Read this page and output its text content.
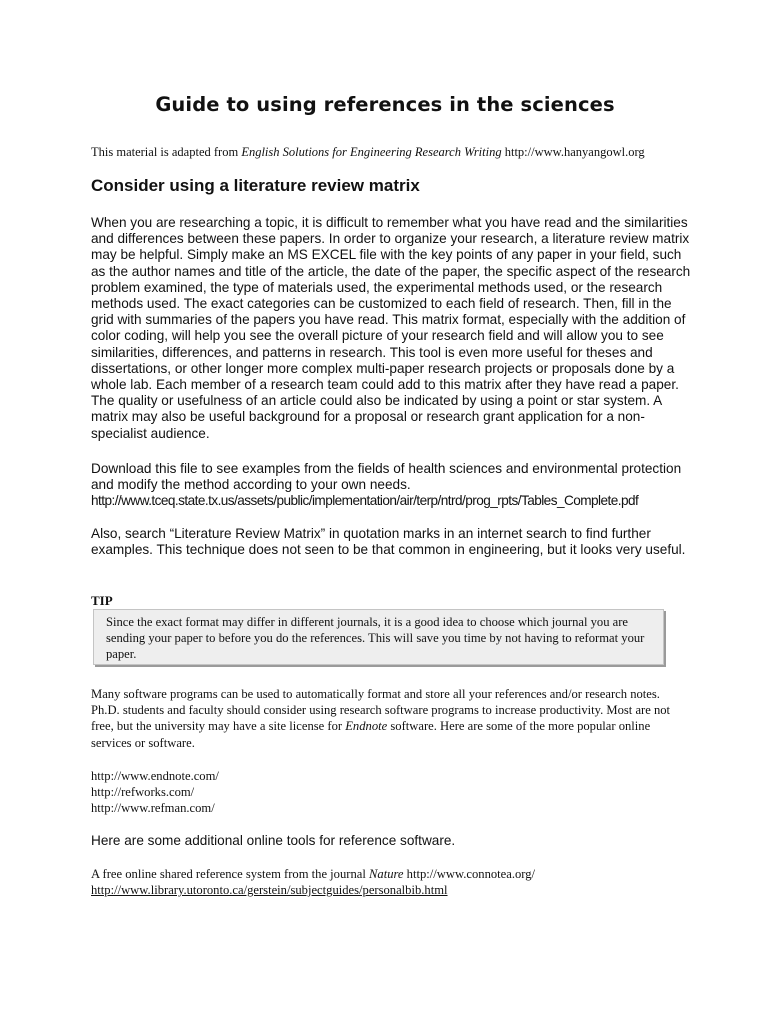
Guide to using references in the sciences
This material is adapted from English Solutions for Engineering Research Writing http://www.hanyangowl.org
Consider using a literature review matrix
When you are researching a topic, it is difficult to remember what you have read and the similarities and differences between these papers. In order to organize your research, a literature review matrix may be helpful. Simply make an MS EXCEL file with the key points of any paper in your field, such as the author names and title of the article, the date of the paper, the specific aspect of the research problem examined, the type of materials used, the experimental methods used, or the research methods used. The exact categories can be customized to each field of research. Then, fill in the grid with summaries of the papers you have read. This matrix format, especially with the addition of color coding, will help you see the overall picture of your research field and will allow you to see similarities, differences, and patterns in research. This tool is even more useful for theses and dissertations, or other longer more complex multi-paper research projects or proposals done by a whole lab. Each member of a research team could add to this matrix after they have read a paper. The quality or usefulness of an article could also be indicated by using a point or star system. A matrix may also be useful background for a proposal or research grant application for a non-specialist audience.
Download this file to see examples from the fields of health sciences and environmental protection and modify the method according to your own needs.
http://www.tceq.state.tx.us/assets/public/implementation/air/terp/ntrd/prog_rpts/Tables_Complete.pdf
Also, search “Literature Review Matrix” in quotation marks in an internet search to find further examples. This technique does not seen to be that common in engineering, but it looks very useful.
TIP
Since the exact format may differ in different journals, it is a good idea to choose which journal you are sending your paper to before you do the references. This will save you time by not having to reformat your paper.
Many software programs can be used to automatically format and store all your references and/or research notes. Ph.D. students and faculty should consider using research software programs to increase productivity. Most are not free, but the university may have a site license for Endnote software. Here are some of the more popular online services or software.
http://www.endnote.com/
http://refworks.com/
http://www.refman.com/
Here are some additional online tools for reference software.
A free online shared reference system from the journal Nature http://www.connotea.org/
http://www.library.utoronto.ca/gerstein/subjectguides/personalbib.html
